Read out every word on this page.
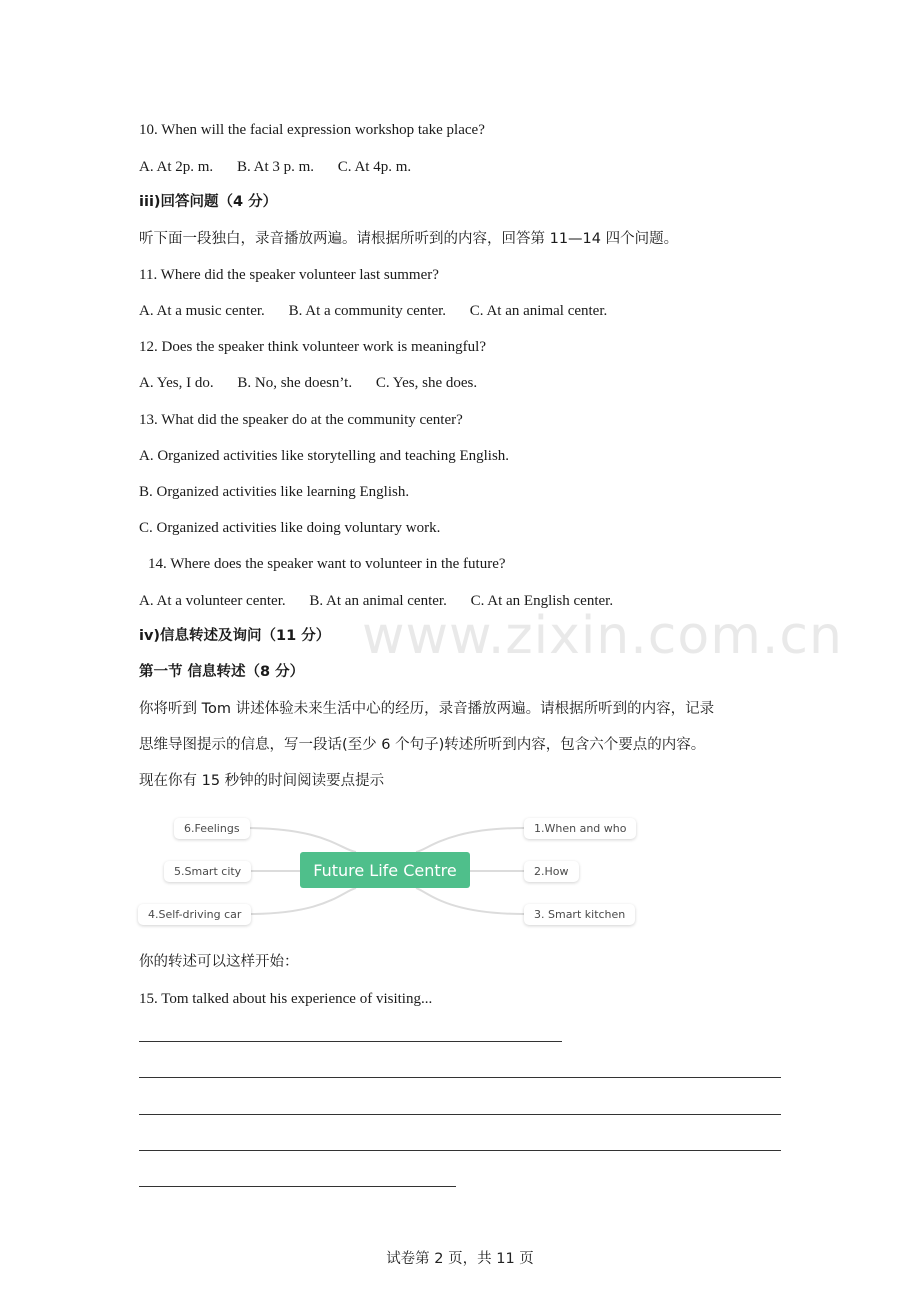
www.zixin.com.cn
10. When will the facial expression workshop take place?
A. At 2p. m. B. At 3 p. m. C. At 4p. m.
iii)回答问题（4 分）
听下面一段独白，录音播放两遍。请根据所听到的内容，回答第 11—14 四个问题。
11. Where did the speaker volunteer last summer?
A. At a music center. B. At a community center. C. At an animal center.
12. Does the speaker think volunteer work is meaningful?
A. Yes, I do. B. No, she doesn’t. C. Yes, she does.
13. What did the speaker do at the community center?
A. Organized activities like storytelling and teaching English.
B. Organized activities like learning English.
C. Organized activities like doing voluntary work.
14. Where does the speaker want to volunteer in the future?
A. At a volunteer center. B. At an animal center. C. At an English center.
iv)信息转述及询问（11 分）
第一节 信息转述（8 分）
你将听到 Tom 讲述体验未来生活中心的经历，录音播放两遍。请根据所听到的内容，记录
思维导图提示的信息，写一段话(至少 6 个句子)转述所听到内容，包含六个要点的内容。
现在你有 15 秒钟的时间阅读要点提示
6.Feelings
5.Smart city
4.Self-driving car
Future Life Centre
1.When and who
2.How
3. Smart kitchen
你的转述可以这样开始：
15. Tom talked about his experience of visiting...
试卷第 2 页，共 11 页
